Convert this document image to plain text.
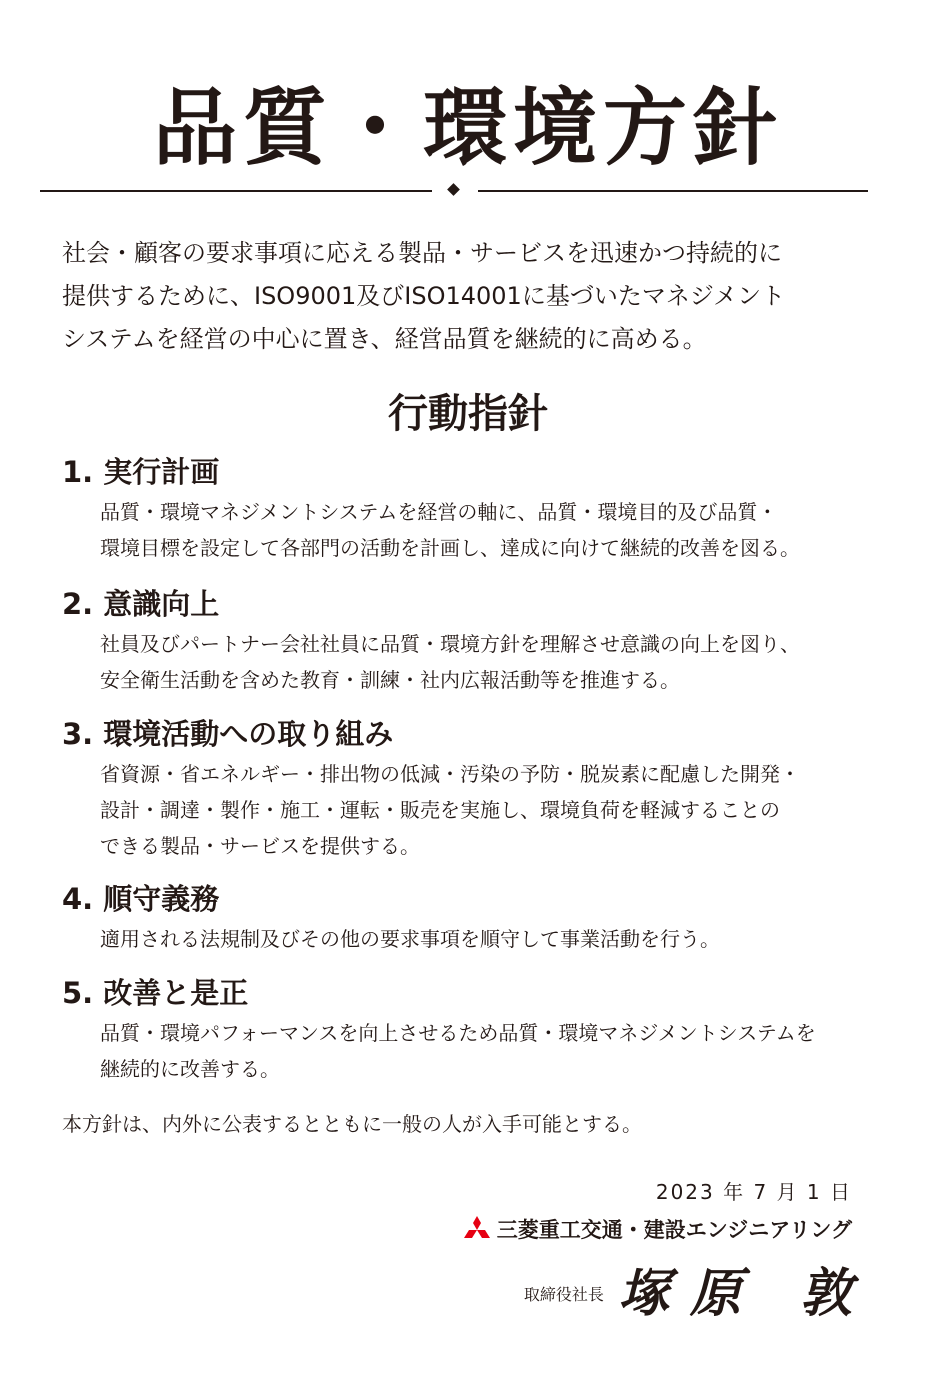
品質・環境方針
社会・顧客の要求事項に応える製品・サービスを迅速かつ持続的に
提供するために、ISO9001及びISO14001に基づいたマネジメント
システムを経営の中心に置き、経営品質を継続的に高める。
行動指針
1. 実行計画
品質・環境マネジメントシステムを経営の軸に、品質・環境目的及び品質・
環境目標を設定して各部門の活動を計画し、達成に向けて継続的改善を図る。
2. 意識向上
社員及びパートナー会社社員に品質・環境方針を理解させ意識の向上を図り、
安全衛生活動を含めた教育・訓練・社内広報活動等を推進する。
3. 環境活動への取り組み
省資源・省エネルギー・排出物の低減・汚染の予防・脱炭素に配慮した開発・
設計・調達・製作・施工・運転・販売を実施し、環境負荷を軽減することの
できる製品・サービスを提供する。
4. 順守義務
適用される法規制及びその他の要求事項を順守して事業活動を行う。
5. 改善と是正
品質・環境パフォーマンスを向上させるため品質・環境マネジメントシステムを
継続的に改善する。
本方針は、内外に公表するとともに一般の人が入手可能とする。
2023 年 7 月 1 日
三菱重工交通・建設エンジニアリング
取締役社長 塚原 敦
